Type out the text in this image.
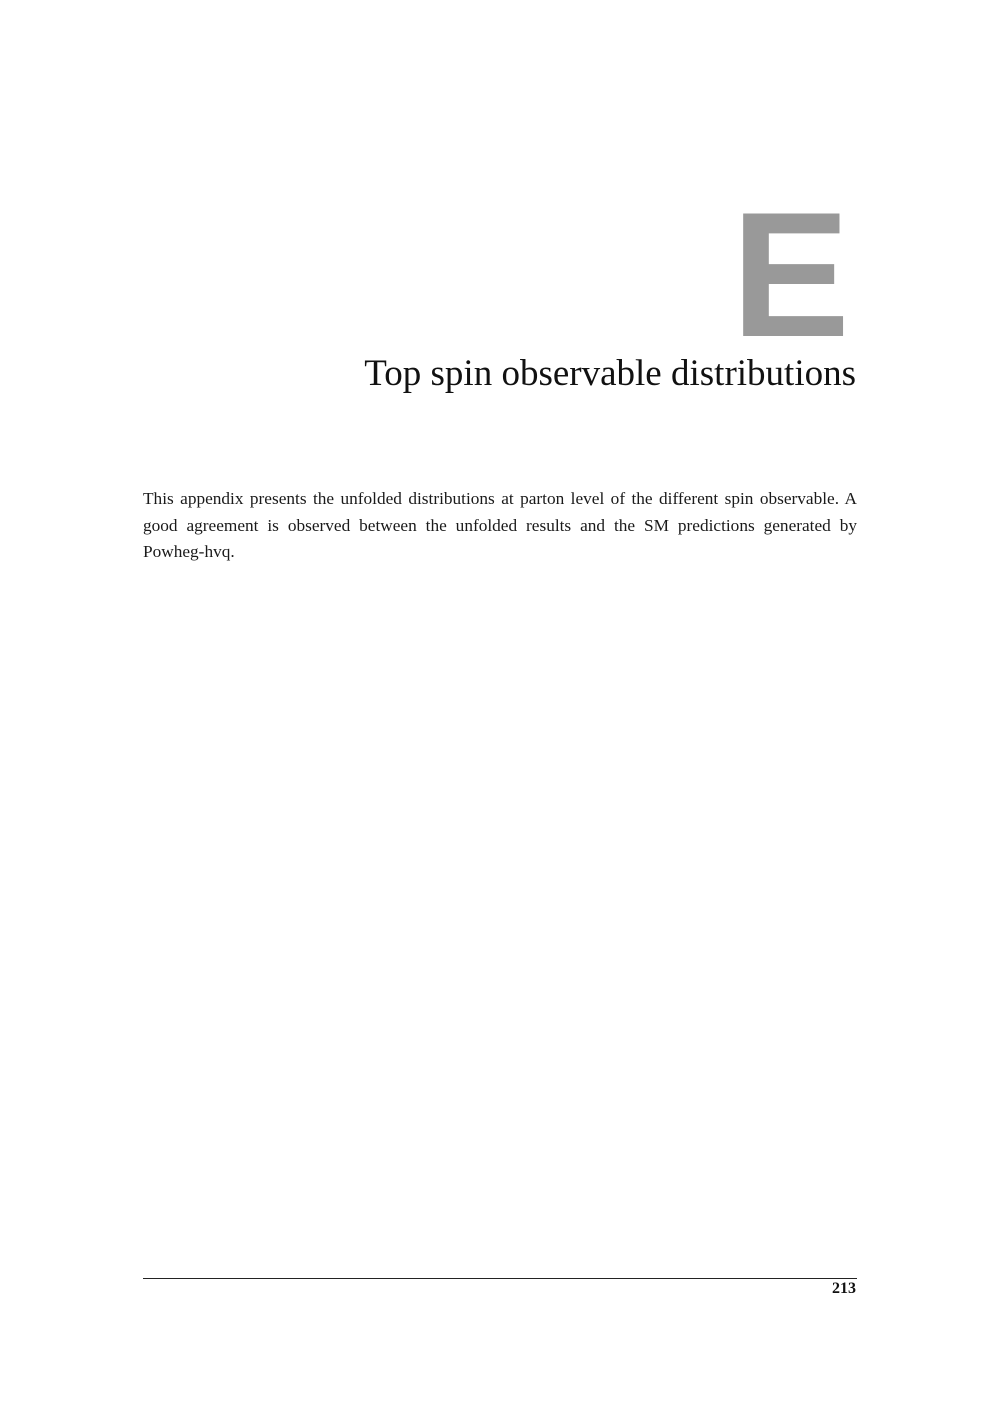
E
Top spin observable distributions

This appendix presents the unfolded distributions at parton level of the different spin observable. A good agreement is observed between the unfolded results and the SM predictions generated by Powheg-hvq.

213
